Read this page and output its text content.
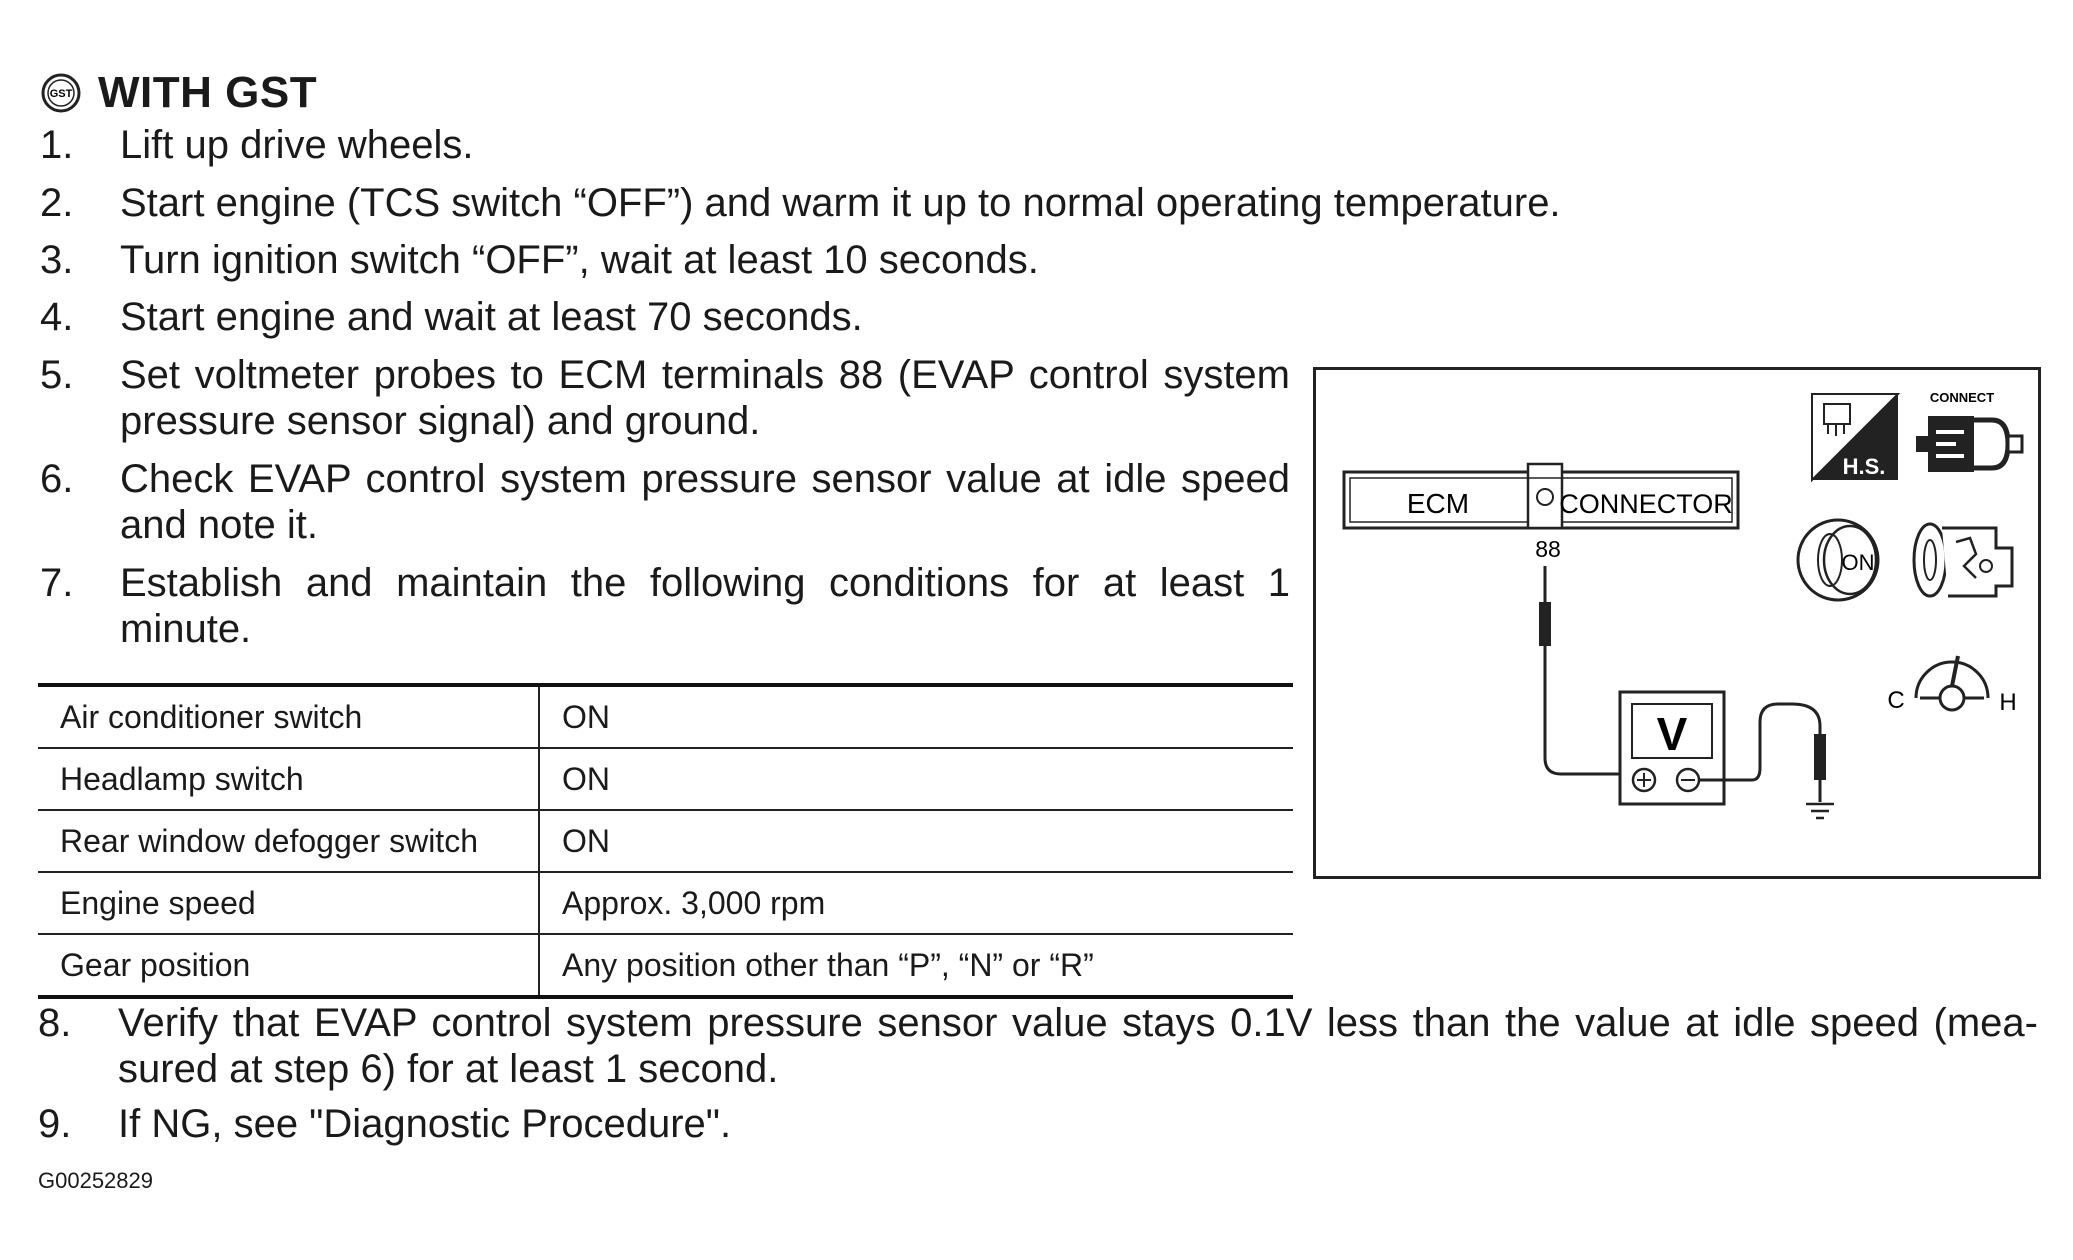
GST WITH GST
1.	Lift up drive wheels.
2.	Start engine (TCS switch “OFF”) and warm it up to normal operating temperature.
3.	Turn ignition switch “OFF”, wait at least 10 seconds.
4.	Start engine and wait at least 70 seconds.
5.	Set voltmeter probes to ECM terminals 88 (EVAP control system
pressure sensor signal) and ground.
6.	Check EVAP control system pressure sensor value at idle speed
and note it.
7.	Establish and maintain the following conditions for at least 1
minute.
Air conditioner switch	ON
Headlamp switch	ON
Rear window defogger switch	ON
Engine speed	Approx. 3,000 rpm
Gear position	Any position other than “P”, “N” or “R”
8.	Verify that EVAP control system pressure sensor value stays 0.1V less than the value at idle speed (mea-
sured at step 6) for at least 1 second.
9.	If NG, see "Diagnostic Procedure".
ECM	CONNECTOR
88
V
H.S.
CONNECT
ON
C	H
G00252829
